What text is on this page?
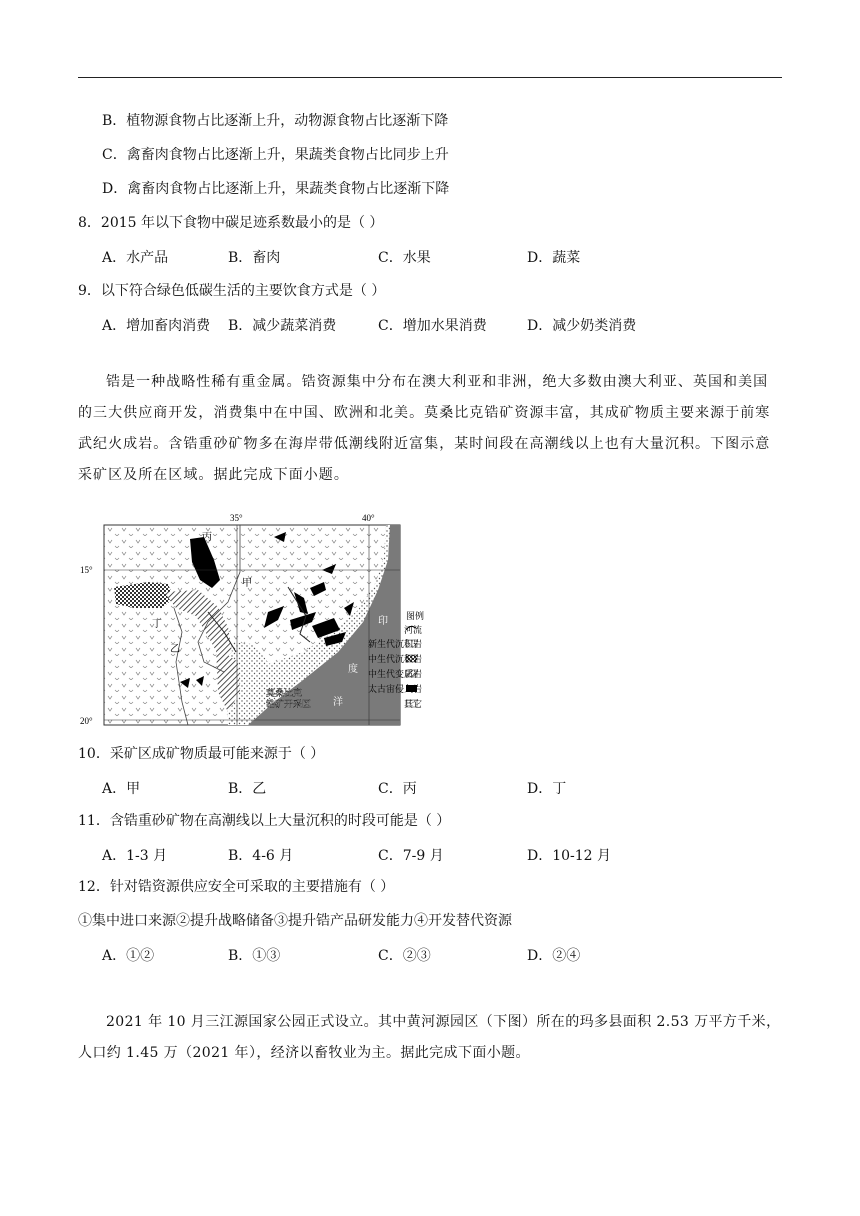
B．植物源食物占比逐渐上升，动物源食物占比逐渐下降
C．禽畜肉食物占比逐渐上升，果蔬类食物占比同步上升
D．禽畜肉食物占比逐渐上升，果蔬类食物占比逐渐下降
8．2015 年以下食物中碳足迹系数最小的是（ ）
A．水产品	B．畜肉	C．水果	D．蔬菜
9．以下符合绿色低碳生活的主要饮食方式是（ ）
A．增加畜肉消费 B．减少蔬菜消费	C．增加水果消费	D．减少奶类消费
锆是一种战略性稀有重金属。锆资源集中分布在澳大利亚和非洲，绝大多数由澳大利亚、英国和美国的三大供应商开发，消费集中在中国、欧洲和北美。莫桑比克锆矿资源丰富，其成矿物质主要来源于前寒武纪火成岩。含锆重砂矿物多在海岸带低潮线附近富集，某时间段在高潮线以上也有大量沉积。下图示意采矿区及所在区域。据此完成下面小题。
35°	40°
15°
20°
丙
甲
丁
乙
印
度
洋
莫桑比克
锆矿开采区
图例
河流
新生代沉积岩
中生代沉积岩
中生代变质岩
太古宙侵入岩
其它
10．采矿区成矿物质最可能来源于（ ）
A．甲	B．乙	C．丙	D．丁
11．含锆重砂矿物在高潮线以上大量沉积的时段可能是（ ）
A．1-3 月	B．4-6 月	C．7-9 月	D．10-12 月
12．针对锆资源供应安全可采取的主要措施有（ ）
①集中进口来源②提升战略储备③提升锆产品研发能力④开发替代资源
A．①②	B．①③	C．②③	D．②④
2021 年 10 月三江源国家公园正式设立。其中黄河源园区（下图）所在的玛多县面积 2.53 万平方千米，人口约 1.45 万（2021 年），经济以畜牧业为主。据此完成下面小题。
